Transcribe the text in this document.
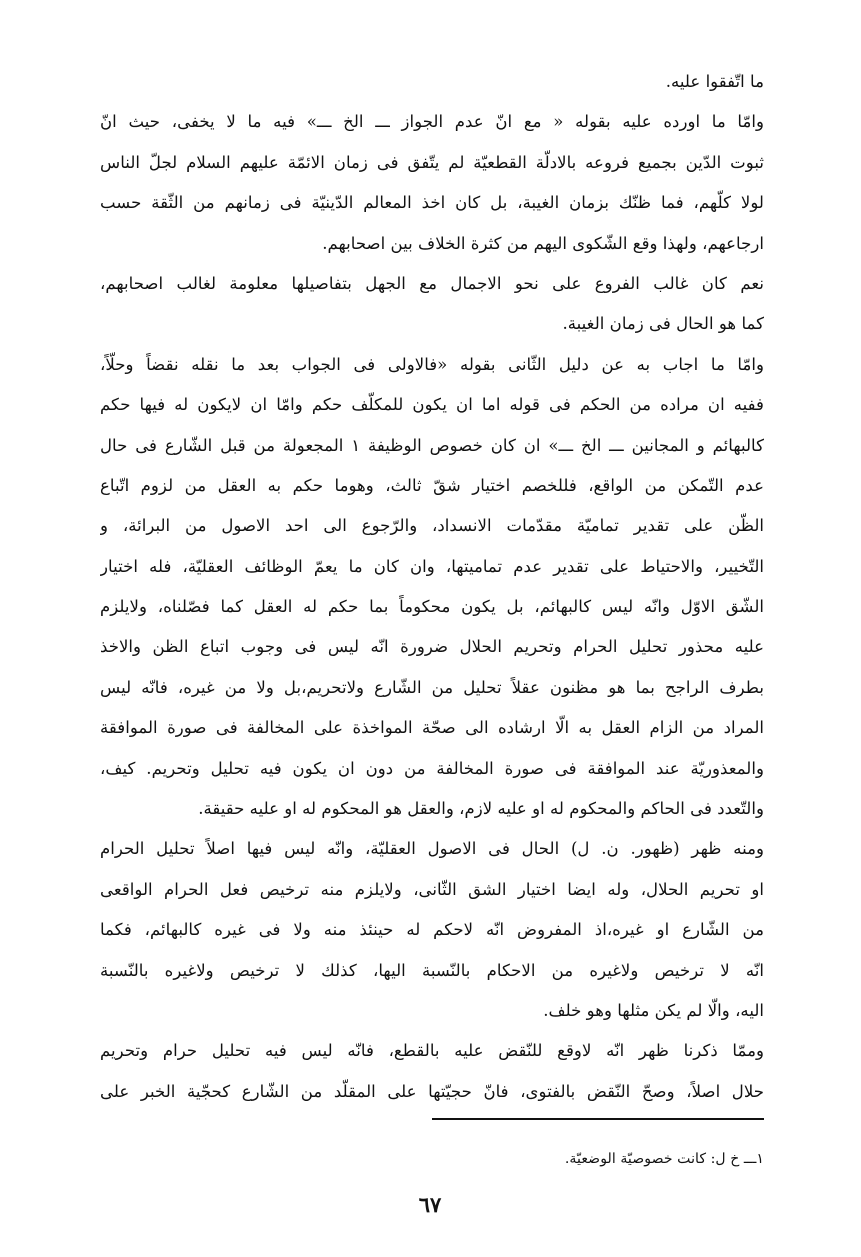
ما اتّفقوا عليه.
وامّا ما اورده عليه بقوله « مع انّ عدم الجواز ـــ الخ ـــ» فيه ما لا يخفى، حيث انّ
ثبوت الدّين بجميع فروعه بالادلّة القطعيّة لم يتّفق فى زمان الائمّة عليهم السلام لجلّ الناس
لولا كلّهم، فما ظنّك بزمان الغيبة، بل كان اخذ المعالم الدّينيّة فى زمانهم من الثّقة حسب
ارجاعهم، ولهذا وقع الشّكوى اليهم من كثرة الخلاف بين اصحابهم.
نعم كان غالب الفروع على نحو الاجمال مع الجهل بتفاصيلها معلومة لغالب اصحابهم،
كما هو الحال فى زمان الغيبة.
وامّا ما اجاب به عن دليل الثّانى بقوله «فالاولى فى الجواب بعد ما نقله نقضاً وحلّاً،
ففيه ان مراده من الحكم فى قوله اما ان يكون للمكلّف حكم وامّا ان لايكون له فيها حكم
كالبهائم و المجانين ـــ الخ ـــ» ان كان خصوص الوظيفة ١ المجعولة من قبل الشّارع فى حال
عدم التّمكن من الواقع، فللخصم اختيار شقّ ثالث، وهوما حكم به العقل من لزوم اتّباع
الظّن على تقدير تماميّة مقدّمات الانسداد، والرّجوع الى احد الاصول من البرائة، و
التّخيير، والاحتياط على تقدير عدم تماميتها، وان كان ما يعمّ الوظائف العقليّة، فله اختيار
الشّق الاوّل وانّه ليس كالبهائم، بل يكون محكوماً بما حكم له العقل كما فصّلناه، ولايلزم
عليه محذور تحليل الحرام وتحريم الحلال ضرورة انّه ليس فى وجوب اتباع الظن والاخذ
بطرف الراجح بما هو مظنون عقلاً تحليل من الشّارع ولاتحريم،بل ولا من غيره، فانّه ليس
المراد من الزام العقل به الّا ارشاده الى صحّة المواخذة على المخالفة فى صورة الموافقة
والمعذوريّة عند الموافقة فى صورة المخالفة من دون ان يكون فيه تحليل وتحريم. كيف،
والتّعدد فى الحاكم والمحكوم له او عليه لازم، والعقل هو المحكوم له او عليه حقيقة.
ومنه ظهر (ظهور. ن. ل) الحال فى الاصول العقليّة، وانّه ليس فيها اصلاً تحليل الحرام
او تحريم الحلال، وله ايضا اختيار الشق الثّانى، ولايلزم منه ترخيص فعل الحرام الواقعى
من الشّارع او غيره،اذ المفروض انّه لاحكم له حينئذ منه ولا فى غيره كالبهائم، فكما
انّه لا ترخيص ولاغيره من الاحكام بالنّسبة اليها، كذلك لا ترخيص ولاغيره بالنّسبة
اليه، والّا لم يكن مثلها وهو خلف.
وممّا ذكرنا ظهر انّه لاوقع للنّقض عليه بالقطع، فانّه ليس فيه تحليل حرام وتحريم
حلال اصلاً، وصحّ النّقض بالفتوى، فانّ حجيّتها على المقلّد من الشّارع كحجّية الخبر على
١ـــ خ ل: كانت خصوصيّة الوضعيّة.
٦٧
